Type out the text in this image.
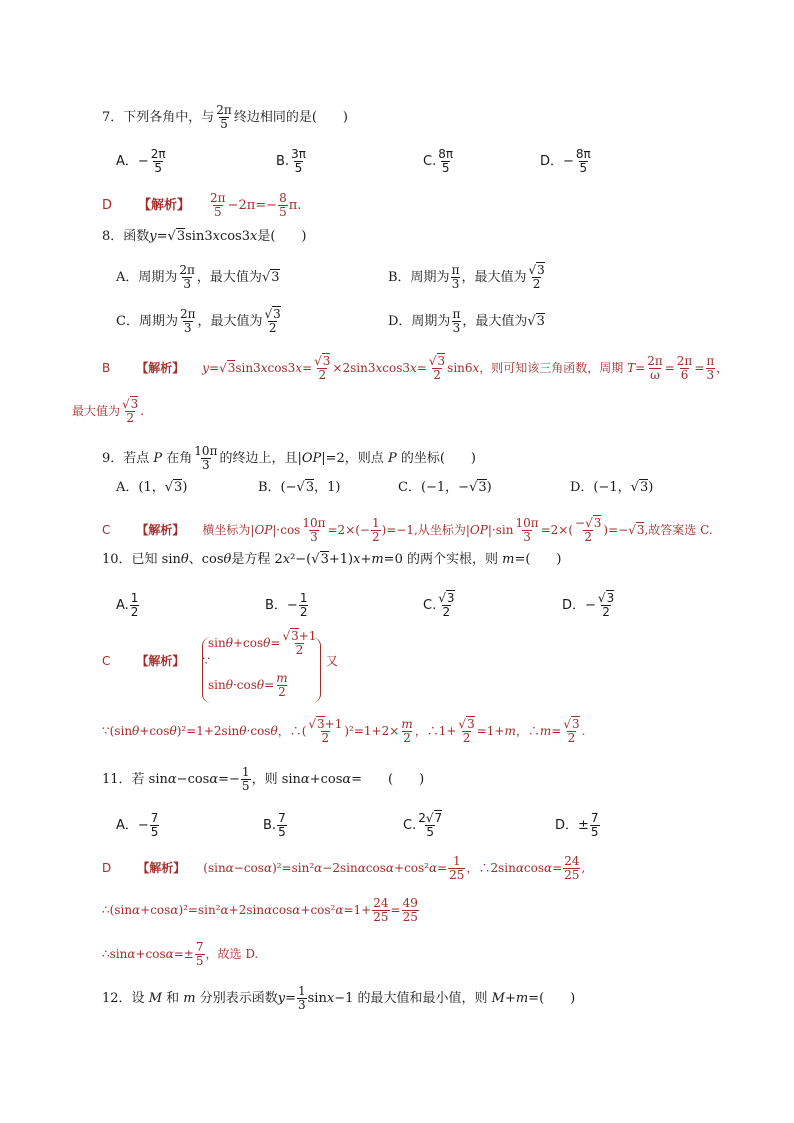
7．下列各角中，与 $\frac{2\pi}{5}$ 终边相同的是(　　)
A．− $\frac{2\pi}{5}$	B. $\frac{3\pi}{5}$	C. $\frac{8\pi}{5}$	D．− $\frac{8\pi}{5}$
D 【解析】 $\frac{2\pi}{5} -2\pi=- \frac{8}{5} \pi$.
8．函数y=√3sin3xcos3x是(　　)
A．周期为 $\frac{2\pi}{3}$ ，最大值为√3	B．周期为 $\frac{\pi}{3}$ ，最大值为 $\frac{√3}{2}$
C．周期为 $\frac{2\pi}{3}$ ，最大值为 $\frac{√3}{2}$	D．周期为 $\frac{\pi}{3}$ ，最大值为√3
B 【解析】 $y=√3\sin 3xcos3x= \frac{√3}{2} \times 2\sin 3xcos3x= \frac{√3}{2} \sin 6x$，则可知该三角函数，周期 $T= \frac{2\pi}{\omega} = \frac{2\pi}{6} = \frac{\pi}{3}$ ，
最大值为 $\frac{√3}{2}$ .
9．若点 P 在角 $\frac{10\pi}{3}$ 的终边上，且|OP|=2，则点 P 的坐标(　　)
A．(1，√3)	B．(−√3，1)	C．(−1，−√3)	D．(−1，√3)
C 【解析】 横坐标为$|OP|\cdot\cos \frac{10\pi}{3} =2\times(- \frac{1}{2} )=-1$,从坐标为$|OP|\cdot\sin \frac{10\pi}{3} =2\times( \frac{-√3}{2} )=-√3$,故答案选 C.
10．已知 sinθ、cosθ是方程 2x²−(√3+1)x+m=0 的两个实根，则 m=(　　)
A. $\frac{1}{2}$	B．− $\frac{1}{2}$	C. $\frac{√3}{2}$	D．− $\frac{√3}{2}$
C 【解析】 ∵
$\sin\theta+\cos\theta= \frac{√3+1}{2}$
$\sin\theta\cdot\cos\theta= \frac{m}{2}$
又
∵(sinθ+cosθ)²=1+2sinθ·cosθ，∴( $\frac{√3+1}{2} )^2=1+2\times \frac{m}{2}$ ，∴1+ $\frac{√3}{2} =1+m$，∴m= $\frac{√3}{2}$ .
11．若 $\sin\alpha-\cos\alpha=- \frac{1}{5}$ ，则 sinα+cosα=　　(　　)
A．− $\frac{7}{5}$	B. $\frac{7}{5}$	C. $\frac{2√7}{5}$	D．± $\frac{7}{5}$
D 【解析】 $(\sin\alpha-\cos\alpha)^2=\sin^2\alpha-2\sin\alpha\cos\alpha+\cos^2\alpha= \frac{1}{25}$ ，∴2sinαcosα= $\frac{24}{25}$ ,
∴(sinα+cosα)²=sin²α+2sinαcosα+cos²α=1+ $\frac{24}{25} = \frac{49}{25}$
∴sinα+cosα=± $\frac{7}{5}$ ，故选 D.
12．设 M 和 m 分别表示函数$y= \frac{1}{3} \sin x-1$ 的最大值和最小值，则 M+m=(　　)
